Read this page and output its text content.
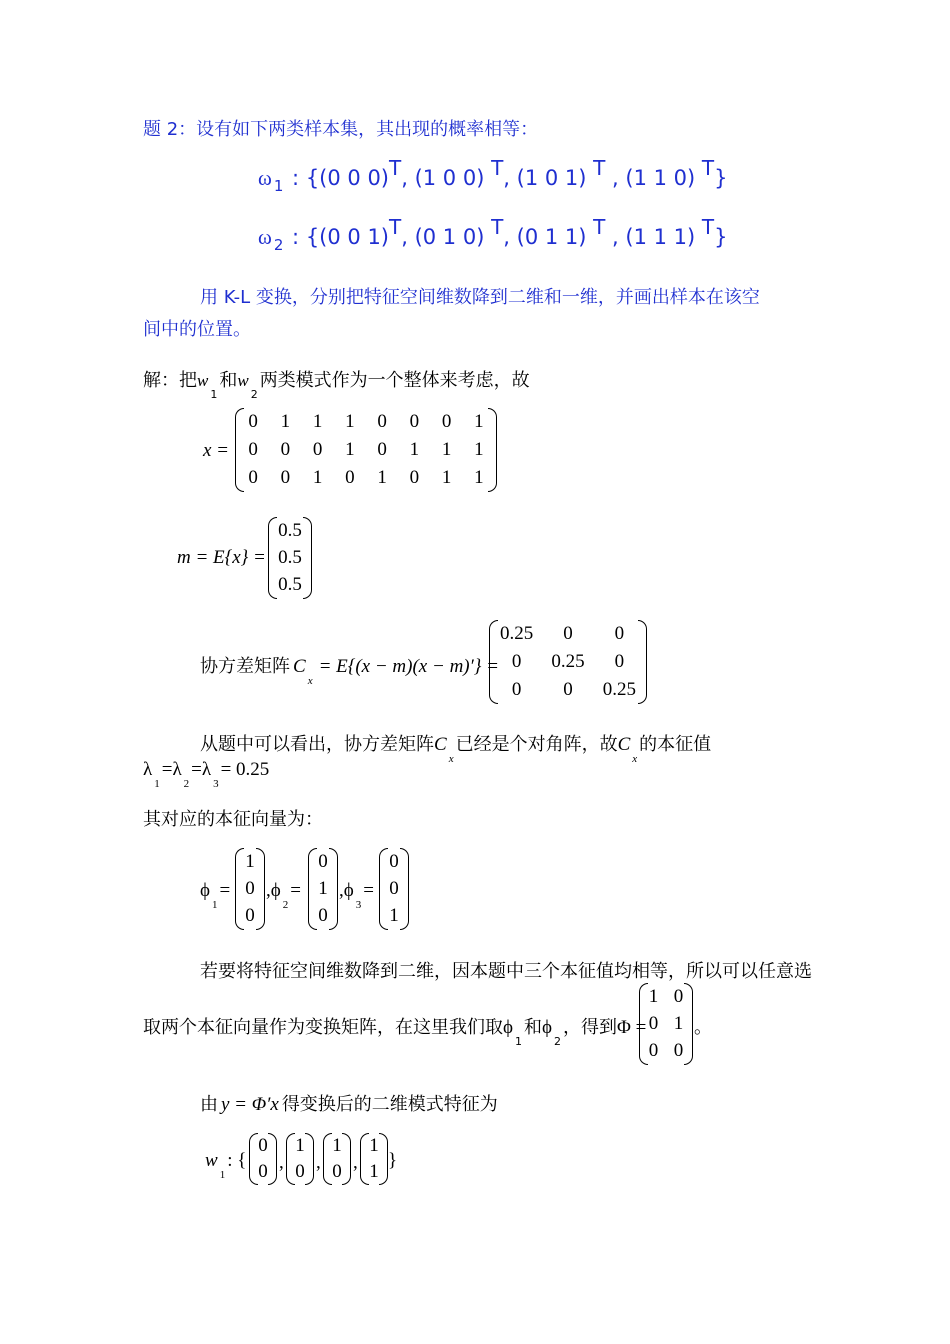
题 2：设有如下两类样本集，其出现的概率相等：
ω $_1$ : {(0 0 0)T, (1 0 0) T, (1 0 1) T , (1 1 0) T}
ω $_2$ : {(0 0 1)T, (0 1 0) T, (0 1 1) T , (1 1 1) T}
用 K-L 变换，分别把特征空间维数降到二维和一维，并画出样本在该空
间中的位置。
解：把$w_1$和$w_2$两类模式作为一个整体来考虑，故
x =
0	1	1	1	0	0	0	1
0	0	0	1	0	1	1	1
0	0	1	0	1	0	1	1
m = E{x} =
0.5
0.5
0.5
协方差矩阵 $C_x= E\{(x - m)(x - m)'\}$ =
0.25	0	0
0	0.25	0
0	0	0.25
从题中可以看出，协方差矩阵$C_x$已经是个对角阵，故$C_x$的本征值
$\lambda_1=\lambda_2=\lambda_3= 0.25$
其对应的本征向量为：
$\phi_1=$
1
0
0
$,\phi_2=$
0
1
0
$,\phi_3=$
0
0
1
若要将特征空间维数降到二维，因本题中三个本征值均相等，所以可以任意选
取两个本征向量作为变换矩阵，在这里我们取$\phi_1$和$\phi_2$，得到Φ =
1 0
0 1
0 0
。
由 y = Φ′x 得变换后的二维模式特征为
$w_1$: {
0
0 ,
1
0 ,
1
0 ,
1
1
}
